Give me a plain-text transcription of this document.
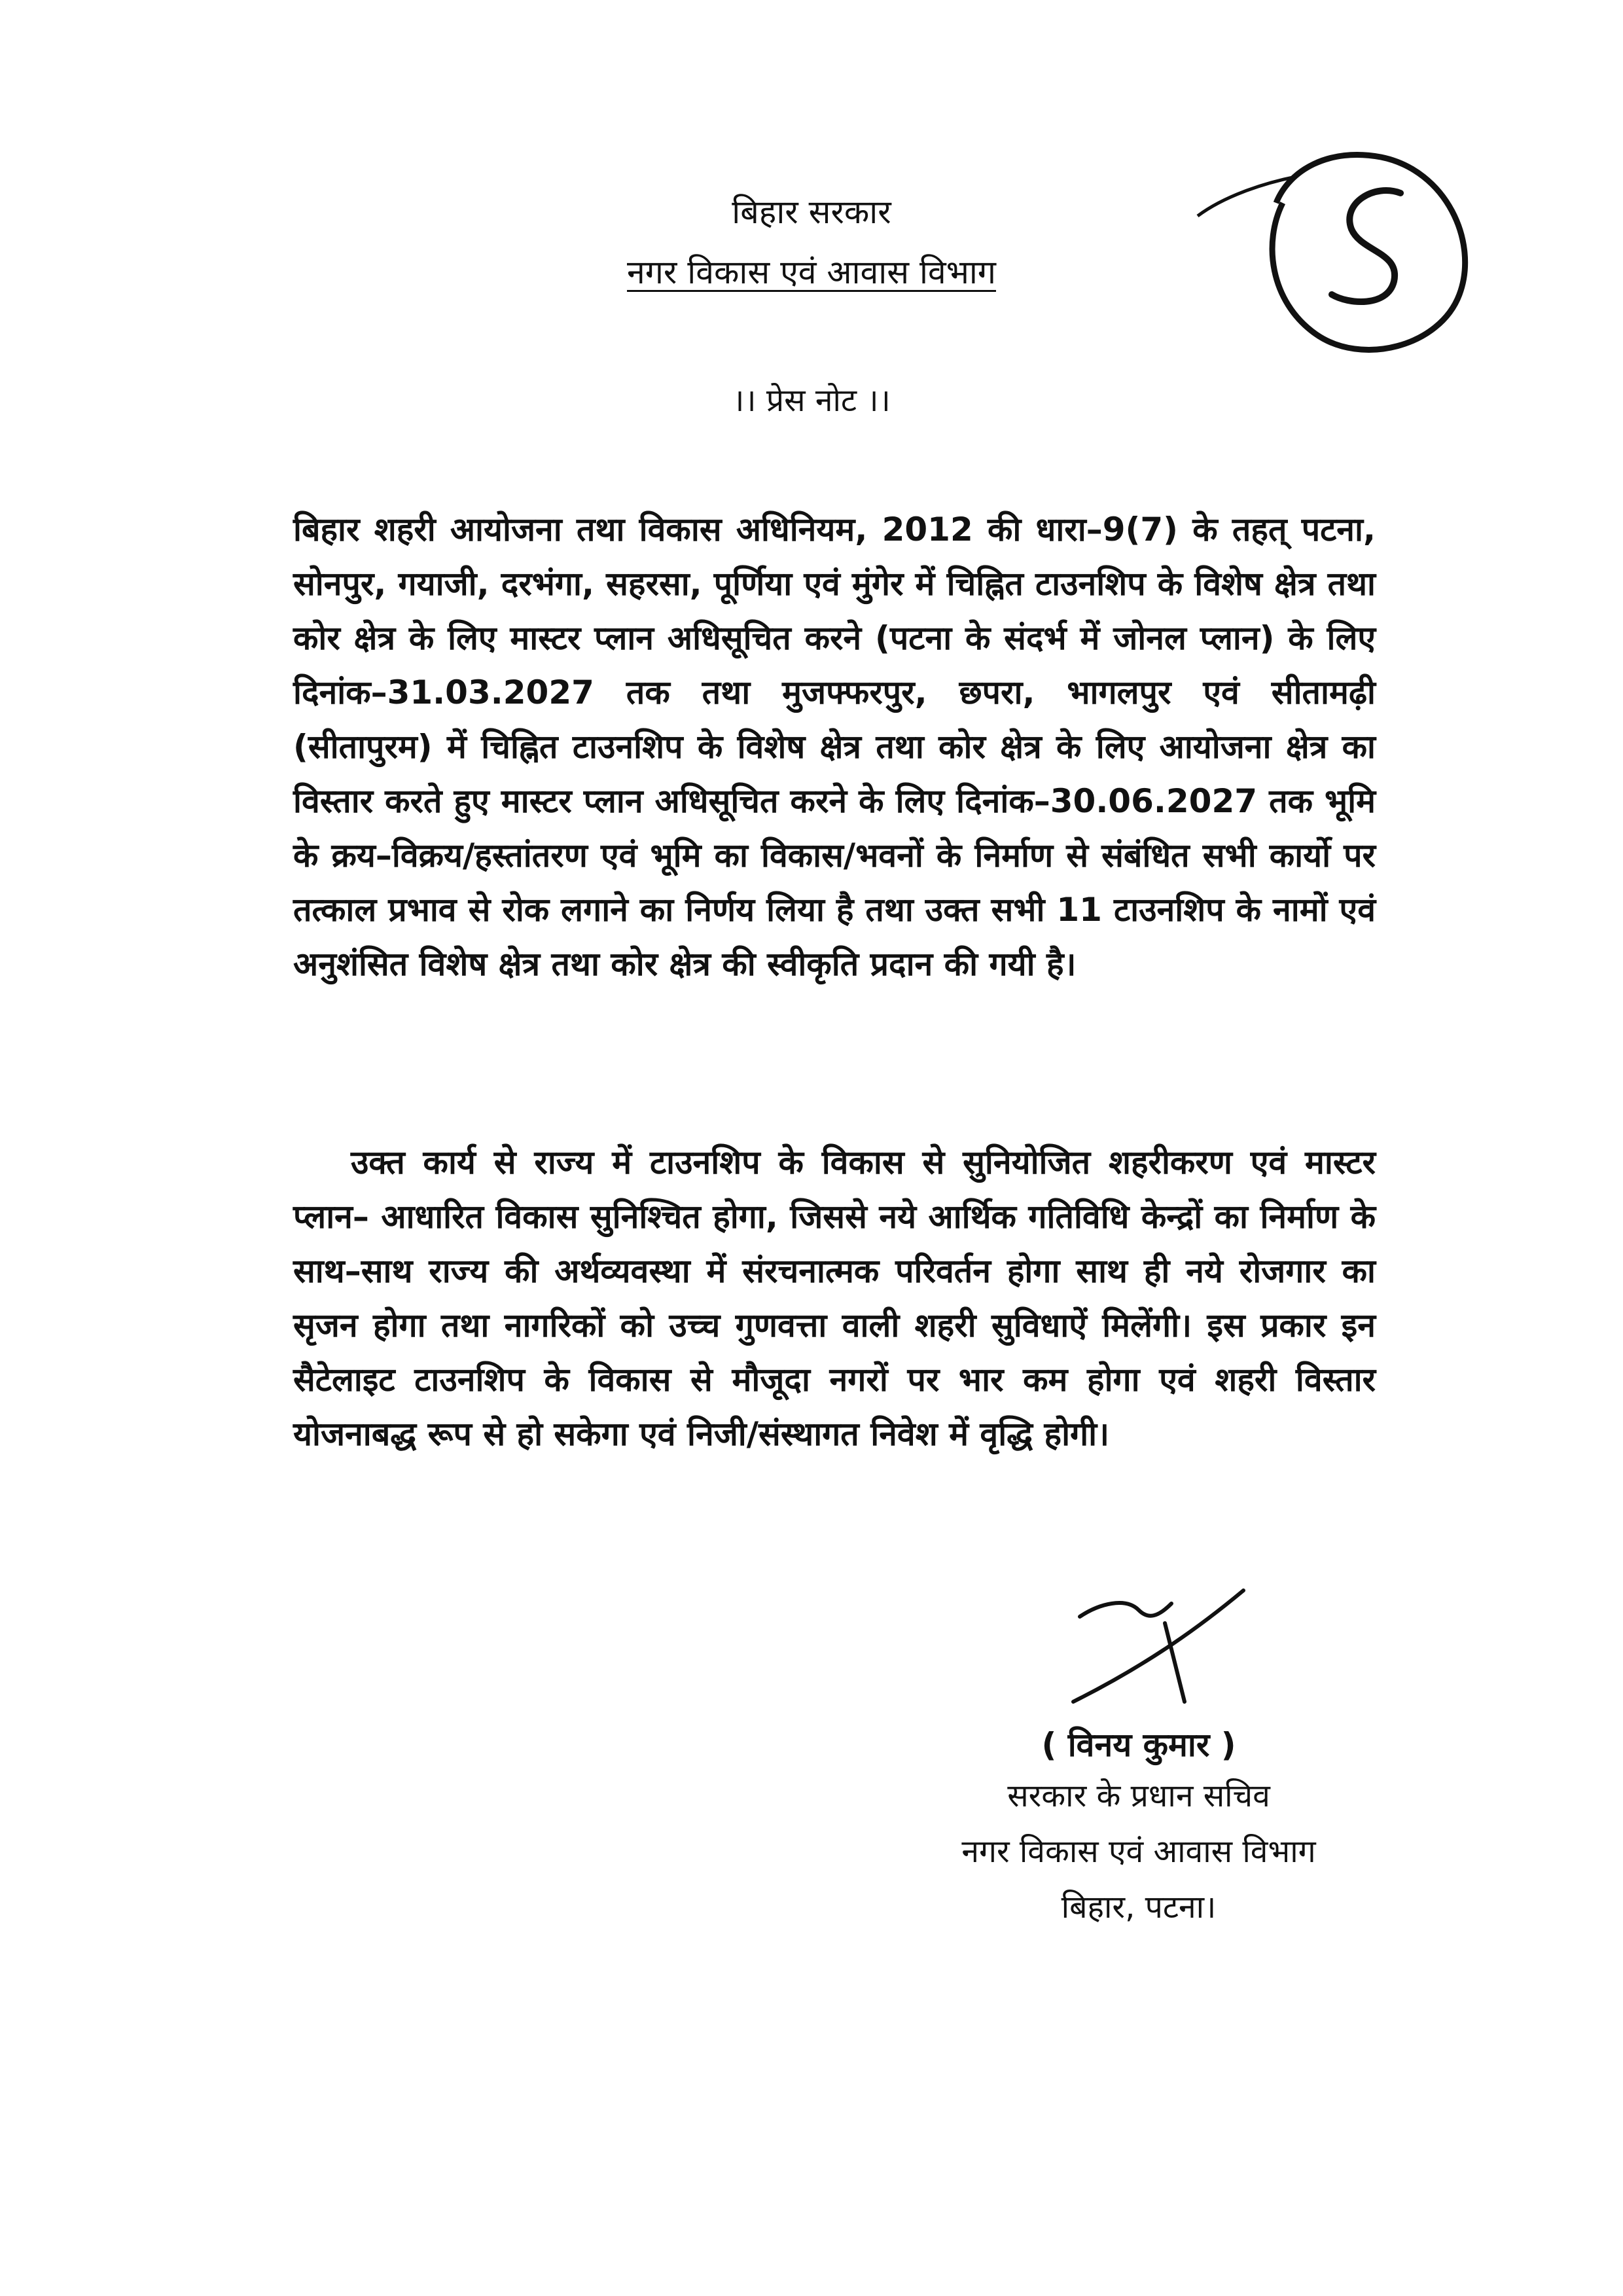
बिहार सरकार
नगर विकास एवं आवास विभाग
।। प्रेस नोट ।।

बिहार शहरी आयोजना तथा विकास अधिनियम, 2012 की धारा–9(7) के तहत् पटना, सोनपुर, गयाजी, दरभंगा, सहरसा, पूर्णिया एवं मुंगेर में चिह्नित टाउनशिप के विशेष क्षेत्र तथा कोर क्षेत्र के लिए मास्टर प्लान अधिसूचित करने (पटना के संदर्भ में जोनल प्लान) के लिए दिनांक–31.03.2027 तक तथा मुजफ्फरपुर, छपरा, भागलपुर एवं सीतामढ़ी (सीतापुरम) में चिह्नित टाउनशिप के विशेष क्षेत्र तथा कोर क्षेत्र के लिए आयोजना क्षेत्र का विस्तार करते हुए मास्टर प्लान अधिसूचित करने के लिए दिनांक–30.06.2027 तक भूमि के क्रय–विक्रय/हस्तांतरण एवं भूमि का विकास/भवनों के निर्माण से संबंधित सभी कार्यो पर तत्काल प्रभाव से रोक लगाने का निर्णय लिया है तथा उक्त सभी 11 टाउनशिप के नामों एवं अनुशंसित विशेष क्षेत्र तथा कोर क्षेत्र की स्वीकृति प्रदान की गयी है।

उक्त कार्य से राज्य में टाउनशिप के विकास से सुनियोजित शहरीकरण एवं मास्टर प्लान– आधारित विकास सुनिश्चित होगा, जिससे नये आर्थिक गतिविधि केन्द्रों का निर्माण के साथ–साथ राज्य की अर्थव्यवस्था में संरचनात्मक परिवर्तन होगा साथ ही नये रोजगार का सृजन होगा तथा नागरिकों को उच्च गुणवत्ता वाली शहरी सुविधाऐं मिलेंगी। इस प्रकार इन सैटेलाइट टाउनशिप के विकास से मौजूदा नगरों पर भार कम होगा एवं शहरी विस्तार योजनाबद्ध रूप से हो सकेगा एवं निजी/संस्थागत निवेश में वृद्धि होगी।

( विनय कुमार )
सरकार के प्रधान सचिव
नगर विकास एवं आवास विभाग
बिहार, पटना।
